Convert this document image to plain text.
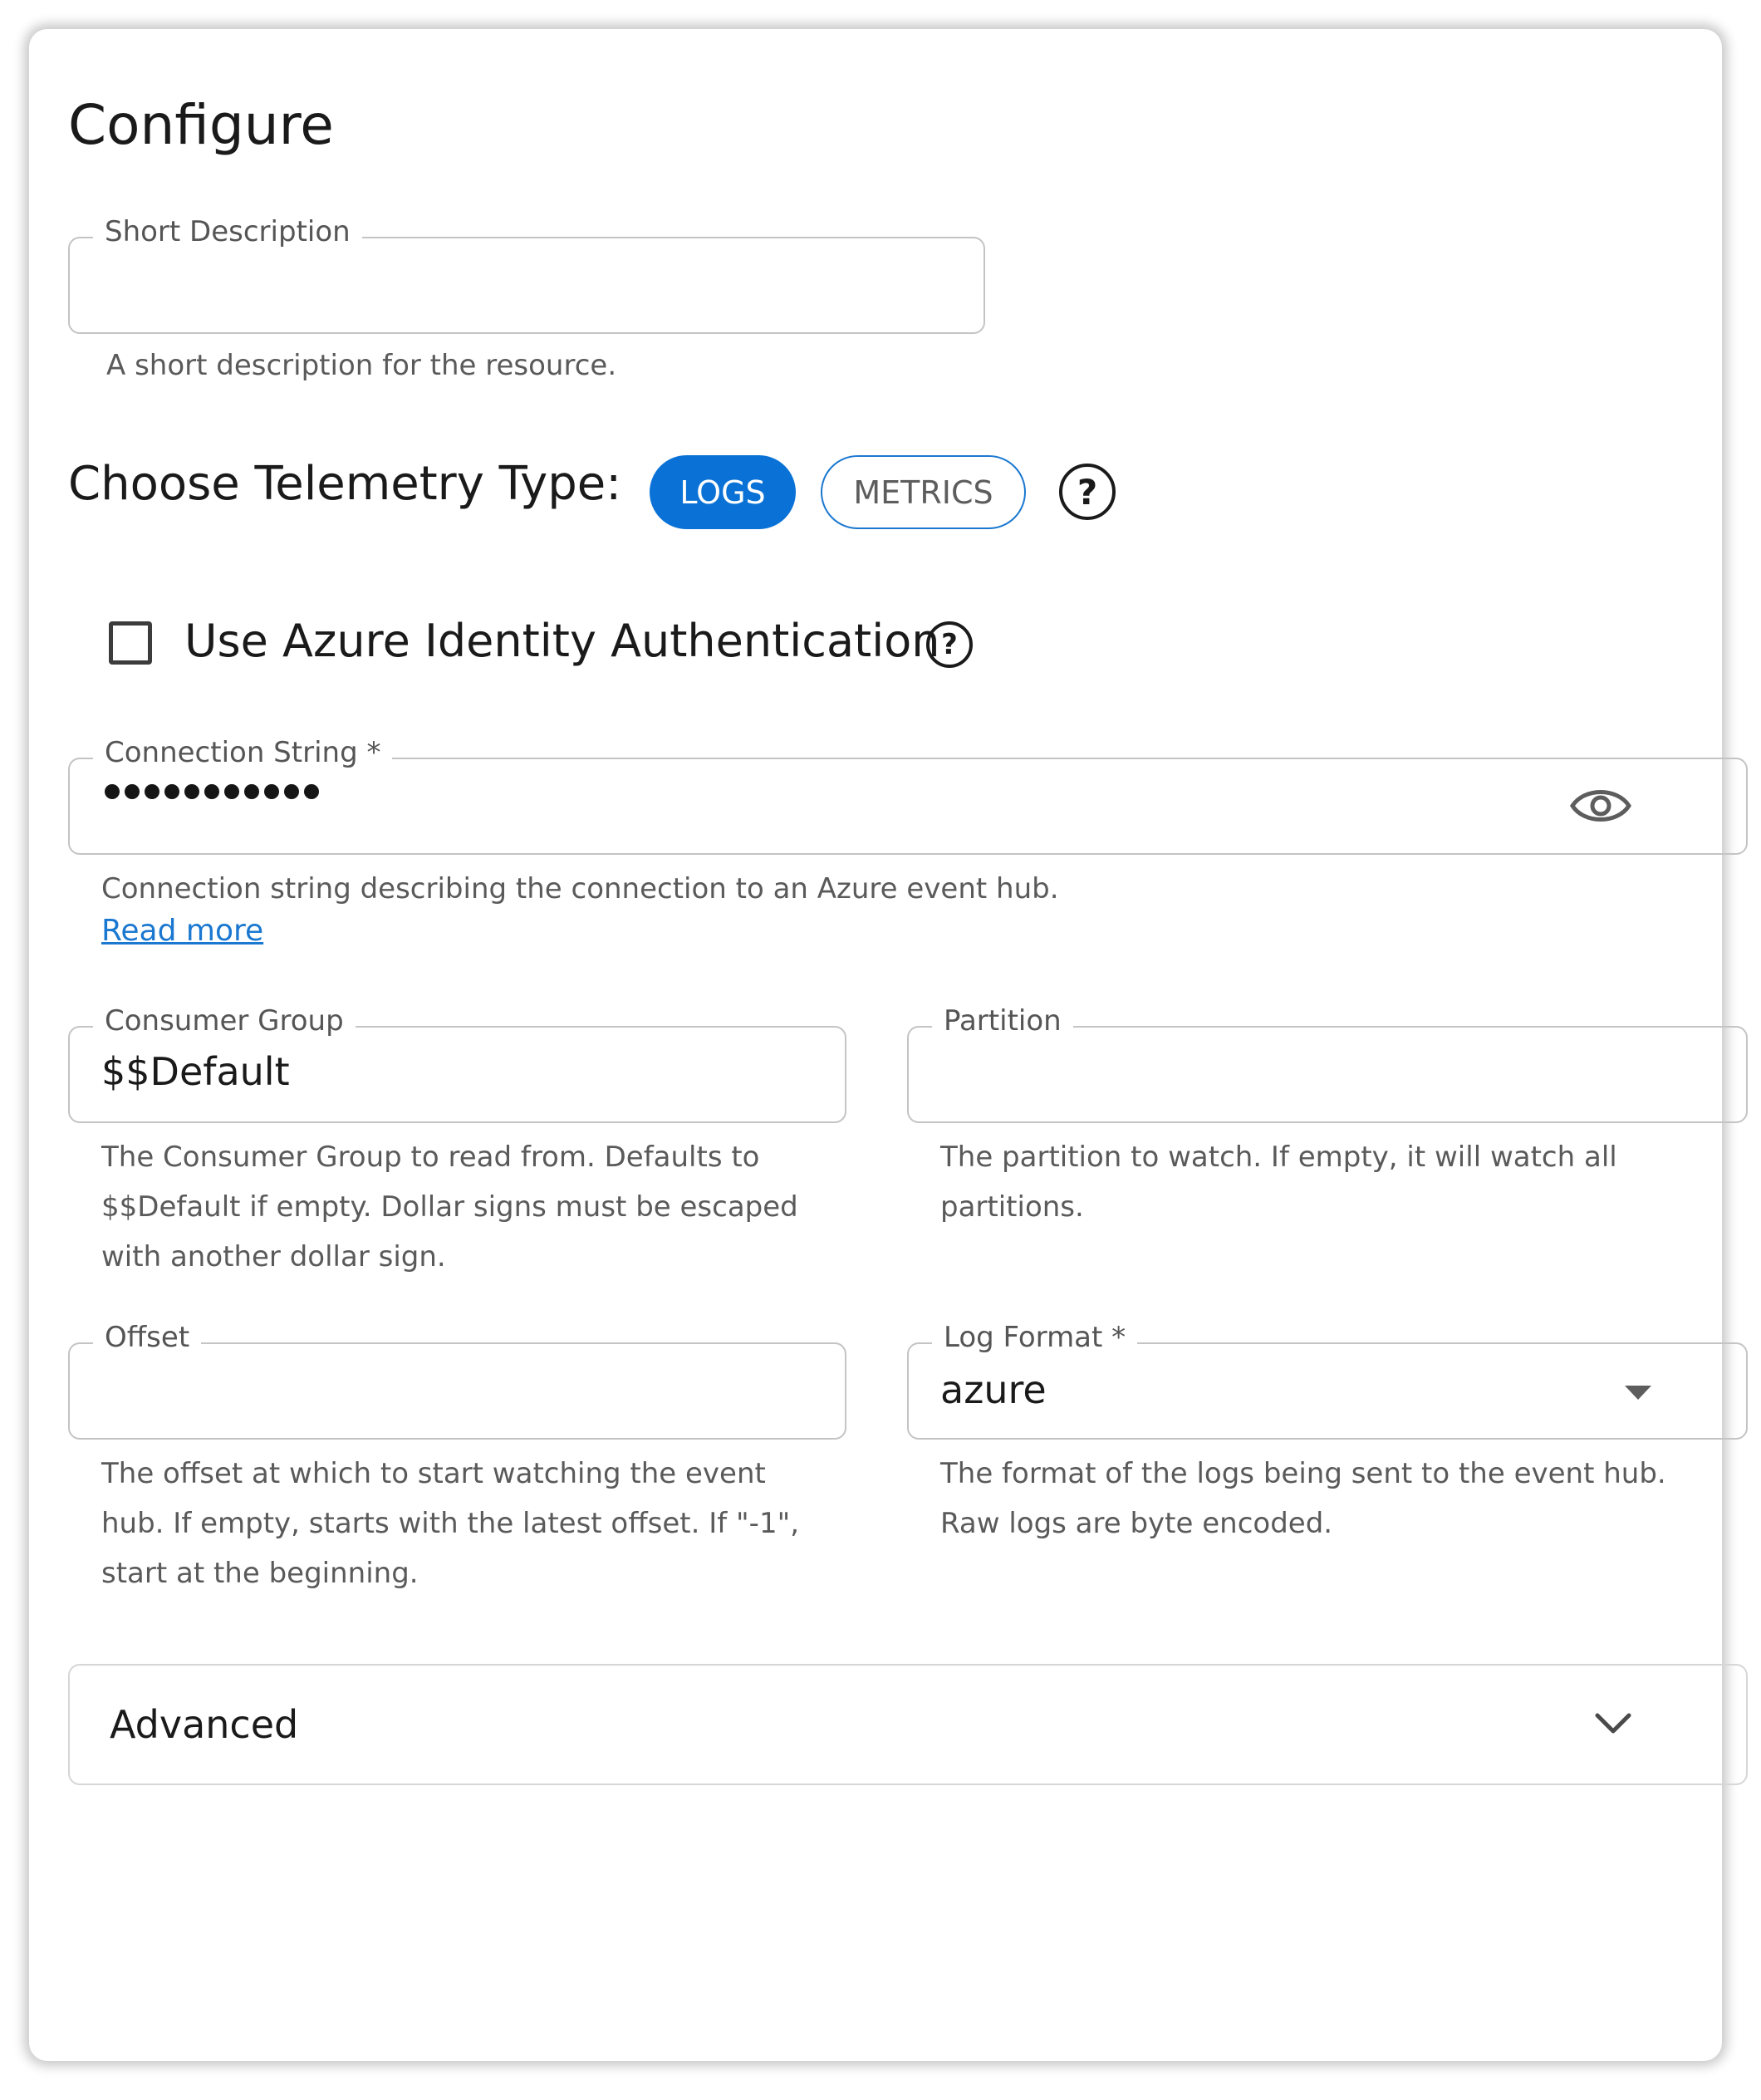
Configure
Short Description
A short description for the resource.
Choose Telemetry Type:	LOGS	METRICS	?
Use Azure Identity Authentication ?
Connection String *
Connection string describing the connection to an Azure event hub.
Read more
Consumer Group
$$Default
The Consumer Group to read from. Defaults to
$$Default if empty. Dollar signs must be escaped
with another dollar sign.
Partition
The partition to watch. If empty, it will watch all
partitions.
Offset
The offset at which to start watching the event
hub. If empty, starts with the latest offset. If "-1",
start at the beginning.
Log Format *
azure
The format of the logs being sent to the event hub.
Raw logs are byte encoded.
Advanced
